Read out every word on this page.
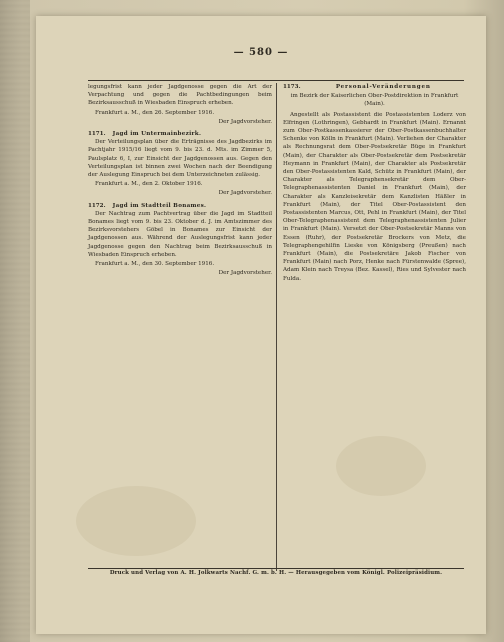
— 580 —

legungsfrist kann jeder Jagdgenosse gegen die Art der Verpachtung und gegen die Pachtbedingungen beim Bezirksausschuß in Wiesbaden Einspruch erheben.

Frankfurt a. M., den 26. September 1916.

Der Jagdvorsteher.

1171. Jagd im Untermainbezirk.

Der Verteilungsplan über die Erträgnisse des Jagdbezirks im Pachtjahr 1915/16 liegt vom 9. bis 23. d. Mts. im Zimmer 5, Paulsplatz 6, I, zur Einsicht der Jagdgenossen aus. Gegen den Verteilungsplan ist binnen zwei Wochen nach der Beendigung der Auslegung Einspruch bei dem Unterzeichneten zulässig.

Frankfurt a. M., den 2. Oktober 1916.

Der Jagdvorsteher.

1172. Jagd im Stadtteil Bonames.

Der Nachtrag zum Pachtvertrag über die Jagd im Stadtteil Bonames liegt vom 9. bis 23. Oktober d. J. im Amtszimmer des Bezirksvorstehers Göbel in Bonames zur Einsicht der Jagdgenossen aus. Während der Auslegungsfrist kann jeder Jagdgenosse gegen den Nachtrag beim Bezirksausschuß in Wiesbaden Einspruch erheben.

Frankfurt a. M., den 30. September 1916.

Der Jagdvorsteher.

1173.	Personal-Veränderungen

im Bezirk der Kaiserlichen Ober-Postdirektion in Frankfurt (Main).

Angestellt als Postassistent die Postassistenten Loderz von Elfringen (Lothringen), Gebhardt in Frankfurt (Main). Ernannt zum Ober-Postkassenkassierer der Ober-Postkassenbuchhalter Schenke von Kölln in Frankfurt (Main). Verliehen der Charakter als Rechnungsrat dem Ober-Postsekretär Büge in Frankfurt (Main), der Charakter als Ober-Postsekretär dem Postsekretär Heymann in Frankfurt (Main), der Charakter als Postsekretär den Ober-Postassistenten Kald, Schütz in Frankfurt (Main), der Charakter als Telegraphensekretär dem Ober-Telegraphenassistenten Daniel in Frankfurt (Main), der Charakter als Kanzleisekretär dem Kanzlisten Häßler in Frankfurt (Main), der Titel Ober-Postassistent den Postassistenten Marcus, Ott, Pehl in Frankfurt (Main), der Titel Ober-Telegraphenassistent dem Telegraphenassistenten Julier in Frankfurt (Main). Versetzt der Ober-Postsekretär Manns von Essen (Ruhr), der Postsekretär Brockers von Metz, die Telegraphengehilfin Lieske von Königsberg (Preußen) nach Frankfurt (Main), die Postsekretäre Jakob Fischer von Frankfurt (Main) nach Porz, Henke nach Fürstenwalde (Spree), Adam Klein nach Treysa (Bez. Kassel), Ries und Sylvester nach Fulda.

Druck und Verlag von A. H. Jolkwarts Nachf. G. m. b. H. — Herausgegeben vom Königl. Polizeipräsidium.
